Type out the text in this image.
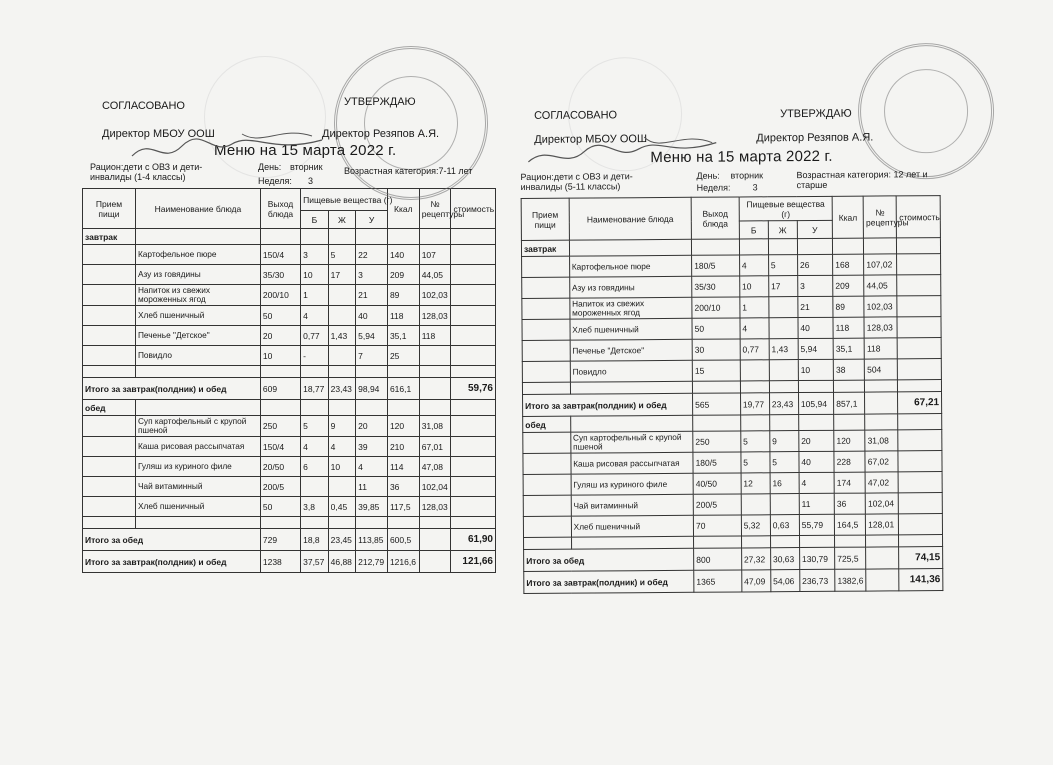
СОГЛАСОВАНО	УТВЕРЖДАЮ
Директор МБОУ ООШ	Директор Резяпов А.Я.
Меню на 15 марта 2022 г.
Рацион:дети с ОВЗ и дети-инвалиды (1-4 классы)
День: вторник
Неделя: 3
Возрастная категория:7-11 лет
Прием пищи	Наименование блюда	Выход блюда	Пищевые вещества (г)			Ккал	№ рецептуры	стоимость
			Б	Ж	У			
завтрак								
	Картофельное пюре	150/4	3	5	22	140	107	
	Азу из говядины	35/30	10	17	3	209	44,05	
	Напиток из свежих мороженных ягод	200/10	1		21	89	102,03	
	Хлеб пшеничный	50	4		40	118	128,03	
	Печенье "Детское"	20	0,77	1,43	5,94	35,1	118	
	Повидло	10	-		7	25		

Итого за завтрак(полдник) и обед		609	18,77	23,43	98,94	616,1		59,76
обед								
	Суп картофельный с крупой пшеной	250	5	9	20	120	31,08	
	Каша рисовая рассыпчатая	150/4	4	4	39	210	67,01	
	Гуляш из куриного филе	20/50	6	10	4	114	47,08	
	Чай витаминный	200/5			11	36	102,04	
	Хлеб пшеничный	50	3,8	0,45	39,85	117,5	128,03	

Итого за обед		729	18,8	23,45	113,85	600,5		61,90
Итого за завтрак(полдник) и обед		1238	37,57	46,88	212,79	1216,6		121,66
СОГЛАСОВАНО	УТВЕРЖДАЮ
Директор МБОУ ООШ	Директор Резяпов А.Я.
Меню на 15 марта 2022 г.
Рацион:дети с ОВЗ и дети-инвалиды (5-11 классы)
День: вторник
Неделя: 3
Возрастная категория: 12 лет и старше
Прием пищи	Наименование блюда	Выход блюда	Пищевые вещества (г)			Ккал	№ рецептуры	стоимость
			Б	Ж	У			
завтрак								
	Картофельное пюре	180/5	4	5	26	168	107,02	
	Азу из говядины	35/30	10	17	3	209	44,05	
	Напиток из свежих мороженных ягод	200/10	1		21	89	102,03	
	Хлеб пшеничный	50	4		40	118	128,03	
	Печенье "Детское"	30	0,77	1,43	5,94	35,1	118	
	Повидло	15			10	38	504	

Итого за завтрак(полдник) и обед		565	19,77	23,43	105,94	857,1		67,21
обед								
	Суп картофельный с крупой пшеной	250	5	9	20	120	31,08	
	Каша рисовая рассыпчатая	180/5	5	5	40	228	67,02	
	Гуляш из куриного филе	40/50	12	16	4	174	47,02	
	Чай витаминный	200/5			11	36	102,04	
	Хлеб пшеничный	70	5,32	0,63	55,79	164,5	128,01	

Итого за обед		800	27,32	30,63	130,79	725,5		74,15
Итого за завтрак(полдник) и обед		1365	47,09	54,06	236,73	1382,6		141,36
